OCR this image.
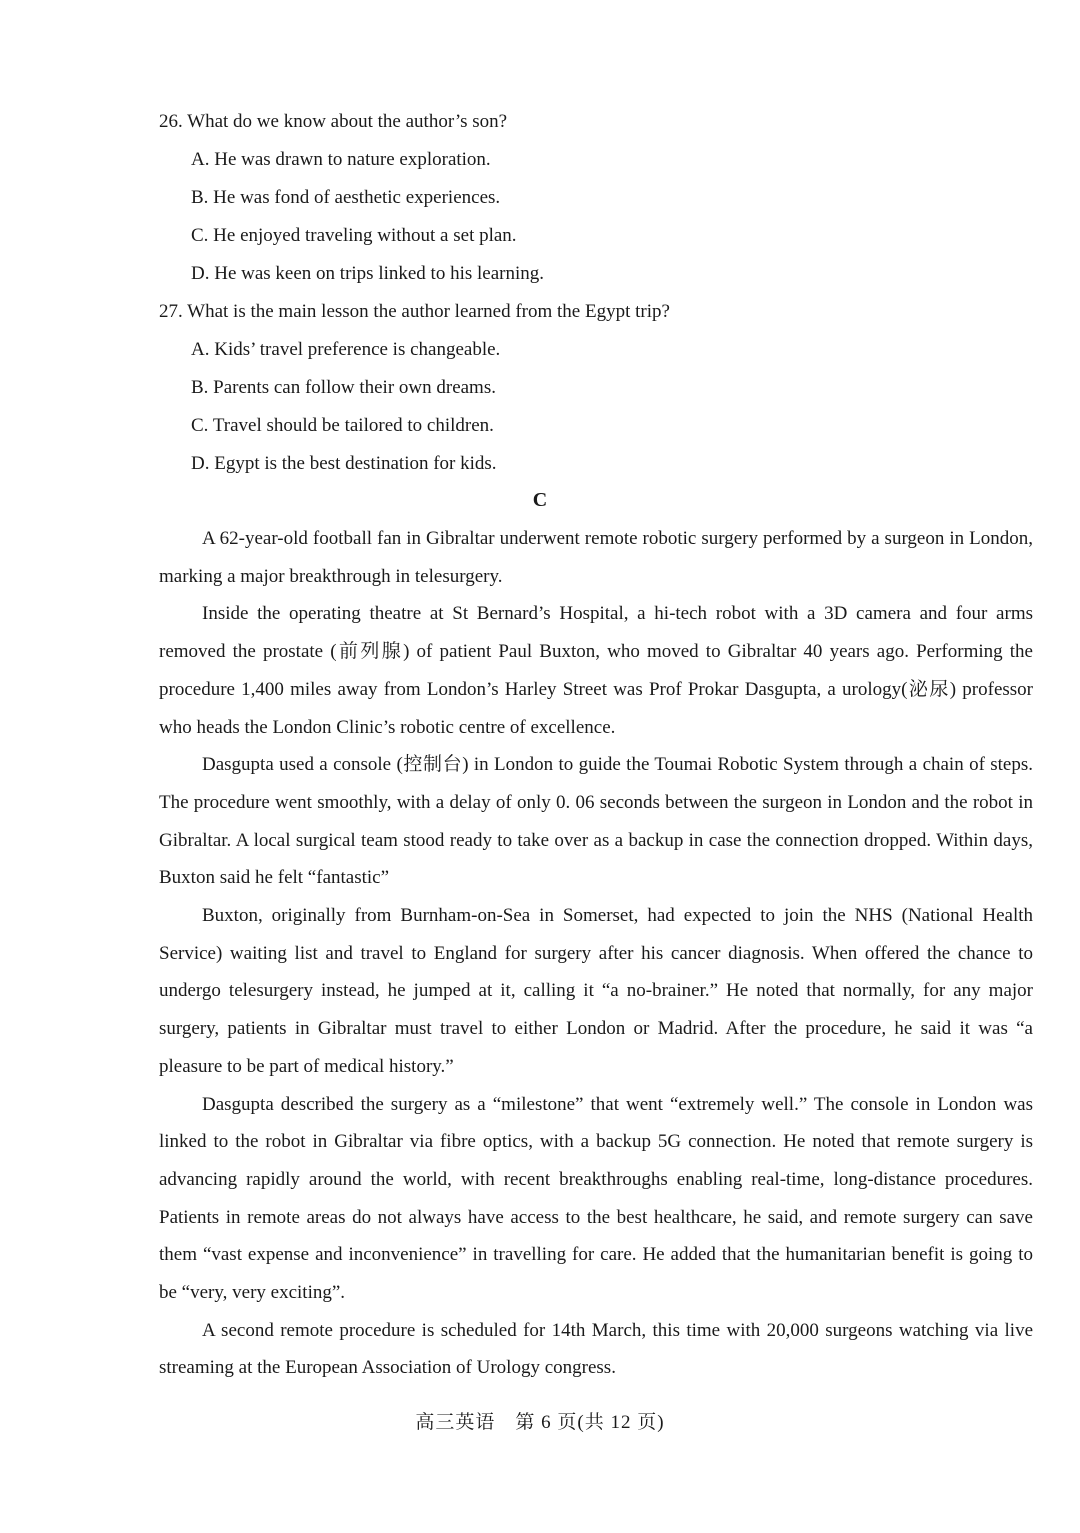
26. What do we know about the author’s son?
A. He was drawn to nature exploration.
B. He was fond of aesthetic experiences.
C. He enjoyed traveling without a set plan.
D. He was keen on trips linked to his learning.
27. What is the main lesson the author learned from the Egypt trip?
A. Kids’ travel preference is changeable.
B. Parents can follow their own dreams.
C. Travel should be tailored to children.
D. Egypt is the best destination for kids.
C

A 62-year-old football fan in Gibraltar underwent remote robotic surgery performed by a surgeon in London, marking a major breakthrough in telesurgery.

Inside the operating theatre at St Bernard’s Hospital, a hi-tech robot with a 3D camera and four arms removed the prostate (前列腺) of patient Paul Buxton, who moved to Gibraltar 40 years ago. Performing the procedure 1,400 miles away from London’s Harley Street was Prof Prokar Dasgupta, a urology(泌尿) professor who heads the London Clinic’s robotic centre of excellence.

Dasgupta used a console (控制台) in London to guide the Toumai Robotic System through a chain of steps. The procedure went smoothly, with a delay of only 0. 06 seconds between the surgeon in London and the robot in Gibraltar. A local surgical team stood ready to take over as a backup in case the connection dropped. Within days, Buxton said he felt “fantastic”

Buxton, originally from Burnham-on-Sea in Somerset, had expected to join the NHS (National Health Service) waiting list and travel to England for surgery after his cancer diagnosis. When offered the chance to undergo telesurgery instead, he jumped at it, calling it “a no-brainer.” He noted that normally, for any major surgery, patients in Gibraltar must travel to either London or Madrid. After the procedure, he said it was “a pleasure to be part of medical history.”

Dasgupta described the surgery as a “milestone” that went “extremely well.” The console in London was linked to the robot in Gibraltar via fibre optics, with a backup 5G connection. He noted that remote surgery is advancing rapidly around the world, with recent breakthroughs enabling real-time, long-distance procedures. Patients in remote areas do not always have access to the best healthcare, he said, and remote surgery can save them “vast expense and inconvenience” in travelling for care. He added that the humanitarian benefit is going to be “very, very exciting”.

A second remote procedure is scheduled for 14th March, this time with 20,000 surgeons watching via live streaming at the European Association of Urology congress.

高三英语　第 6 页(共 12 页)
